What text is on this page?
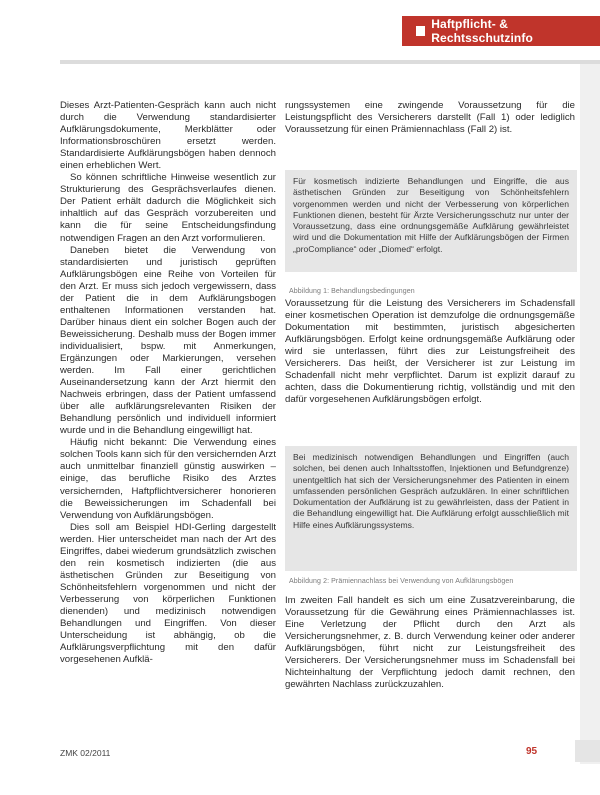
Haftpflicht- & Rechtsschutzinfo

Dieses Arzt-Patienten-Gespräch kann auch nicht durch die Verwendung standardisierter Aufklärungsdokumente, Merkblätter oder Informationsbroschüren ersetzt werden. Standardisierte Aufklärungsbögen haben dennoch einen erheblichen Wert.

So können schriftliche Hinweise wesentlich zur Strukturierung des Gesprächsverlaufes dienen. Der Patient erhält dadurch die Möglichkeit sich inhaltlich auf das Gespräch vorzubereiten und kann die für seine Entscheidungsfindung notwendigen Fragen an den Arzt vorformulieren.

Daneben bietet die Verwendung von standardisierten und juristisch geprüften Aufklärungsbögen eine Reihe von Vorteilen für den Arzt. Er muss sich jedoch vergewissern, dass der Patient die in dem Aufklärungsbogen enthaltenen Informationen verstanden hat. Darüber hinaus dient ein solcher Bogen auch der Beweissicherung. Deshalb muss der Bogen immer individualisiert, bspw. mit Anmerkungen, Ergänzungen oder Markierungen, versehen werden. Im Fall einer gerichtlichen Auseinandersetzung kann der Arzt hiermit den Nachweis erbringen, dass der Patient umfassend über alle aufklärungsrelevanten Risiken der Behandlung persönlich und individuell informiert wurde und in die Behandlung eingewilligt hat.

Häufig nicht bekannt: Die Verwendung eines solchen Tools kann sich für den versichernden Arzt auch unmittelbar finanziell günstig auswirken – einige, das berufliche Risiko des Arztes versichernden, Haftpflichtversicherer honorieren die Beweissicherungen im Schadenfall bei Verwendung von Aufklärungsbögen.

Dies soll am Beispiel HDI-Gerling dargestellt werden. Hier unterscheidet man nach der Art des Eingriffes, dabei wiederum grundsätzlich zwischen den rein kosmetisch indizierten (die aus ästhetischen Gründen zur Beseitigung von Schönheitsfehlern vorgenommen und nicht der Verbesserung von körperlichen Funktionen dienenden) und medizinisch notwendigen Behandlungen und Eingriffen. Von dieser Unterscheidung ist abhängig, ob die Aufklärungsverpflichtung mit den dafür vorgesehenen Aufklä-

rungssystemen eine zwingende Voraussetzung für die Leistungspflicht des Versicherers darstellt (Fall 1) oder lediglich Voraussetzung für einen Prämiennachlass (Fall 2) ist.

Für kosmetisch indizierte Behandlungen und Eingriffe, die aus ästhetischen Gründen zur Beseitigung von Schönheitsfehlern vorgenommen werden und nicht der Verbesserung von körperlichen Funktionen dienen, besteht für Ärzte Versicherungsschutz nur unter der Voraussetzung, dass eine ordnungsgemäße Aufklärung gewährleistet wird und die Dokumentation mit Hilfe der Aufklärungsbögen der Firmen „proCompliance“ oder „Diomed“ erfolgt.
Abbildung 1: Behandlungsbedingungen

Voraussetzung für die Leistung des Versicherers im Schadensfall einer kosmetischen Operation ist demzufolge die ordnungsgemäße Dokumentation mit bestimmten, juristisch abgesicherten Aufklärungsbögen. Erfolgt keine ordnungsgemäße Aufklärung oder wird sie unterlassen, führt dies zur Leistungsfreiheit des Versicherers. Das heißt, der Versicherer ist zur Leistung im Schadenfall nicht mehr verpflichtet. Darum ist explizit darauf zu achten, dass die Dokumentierung richtig, vollständig und mit den dafür vorgesehenen Aufklärungsbögen erfolgt.

Bei medizinisch notwendigen Behandlungen und Eingriffen (auch solchen, bei denen auch Inhaltsstoffen, Injektionen und Befundgrenze) unentgeltlich hat sich der Versicherungsnehmer des Patienten in einem umfassenden persönlichen Gespräch aufzuklären. In einer schriftlichen Dokumentation der Aufklärung ist zu gewährleisten, dass der Patient in die Behandlung eingewilligt hat. Die Aufklärung erfolgt ausschließlich mit Hilfe eines Aufklärungssystems.
Abbildung 2: Prämiennachlass bei Verwendung von Aufklärungsbögen

Im zweiten Fall handelt es sich um eine Zusatzvereinbarung, die Voraussetzung für die Gewährung eines Prämiennachlasses ist. Eine Verletzung der Pflicht durch den Arzt als Versicherungsnehmer, z. B. durch Verwendung keiner oder anderer Aufklärungsbögen, führt nicht zur Leistungsfreiheit des Versicherers. Der Versicherungsnehmer muss im Schadensfall bei Nichteinhaltung der Verpflichtung jedoch damit rechnen, den gewährten Nachlass zurückzuzahlen.

ZMK 02/2011	95
